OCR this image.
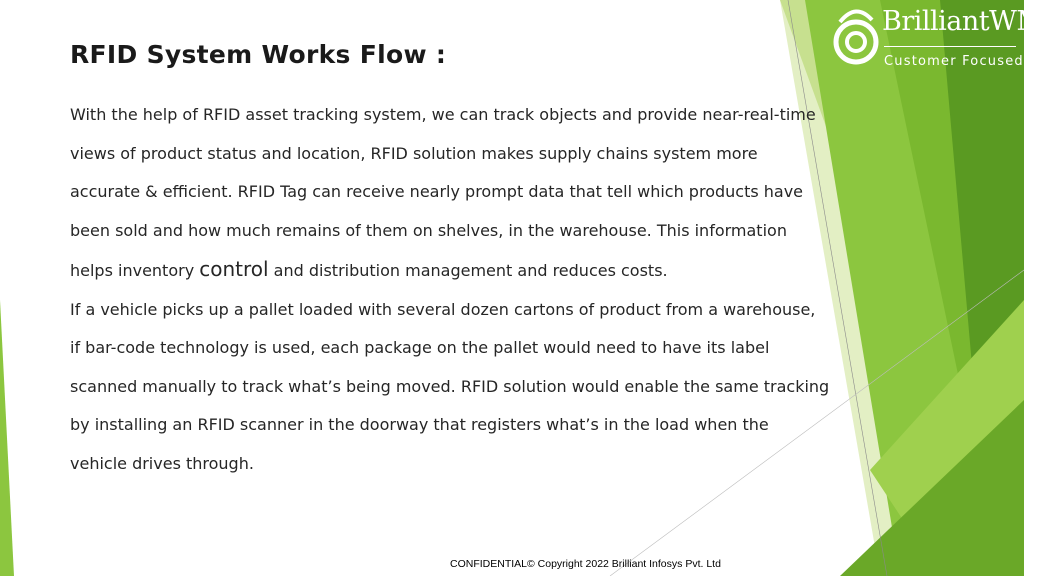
BrilliantWMS
Customer Focused
RFID System Works Flow :

With the help of RFID asset tracking system, we can track objects and provide near-real-time views of product status and location, RFID solution makes supply chains system more accurate & efficient. RFID Tag can receive nearly prompt data that tell which products have been sold and how much remains of them on shelves, in the warehouse. This information helps inventory control and distribution management and reduces costs.

If a vehicle picks up a pallet loaded with several dozen cartons of product from a warehouse, if bar-code technology is used, each package on the pallet would need to have its label scanned manually to track what’s being moved. RFID solution would enable the same tracking by installing an RFID scanner in the doorway that registers what’s in the load when the vehicle drives through.

CONFIDENTIAL© Copyright 2022 Brilliant Infosys Pvt. Ltd
